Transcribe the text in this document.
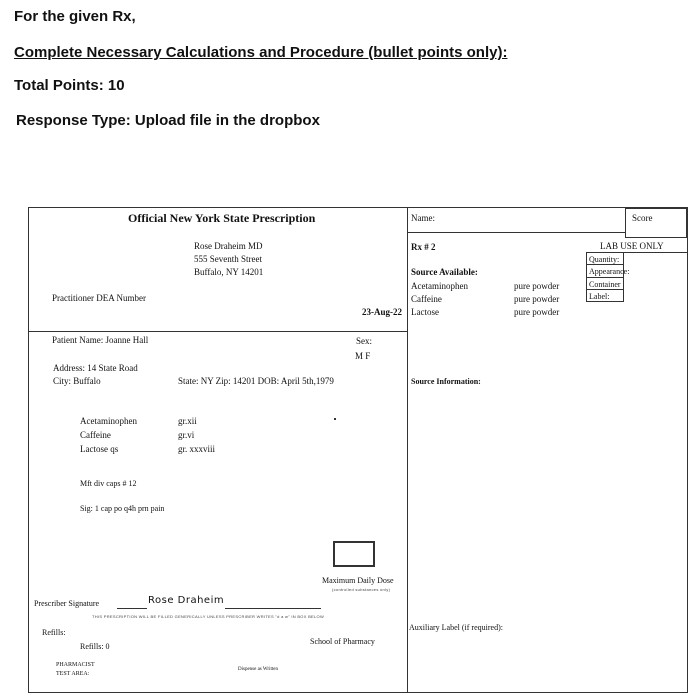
For the given Rx,
Complete Necessary Calculations and Procedure (bullet points only):
Total Points: 10
Response Type: Upload file in the dropbox
Official New York State Prescription
Rose Draheim MD
555 Seventh Street
Buffalo, NY 14201
Practitioner DEA Number
23-Aug-22
Patient Name: Joanne Hall	Sex:
M F
Address: 14 State Road
City: Buffalo	State: NY Zip: 14201 DOB: April 5th,1979
Acetaminophen	gr.xii
Caffeine	gr.vi
Lactose qs	gr. xxxviii
Mft div caps # 12
Sig: 1 cap po q4h prn pain
Maximum Daily Dose
(controlled substances only)
Prescriber Signature	Rose Draheim
THIS PRESCRIPTION WILL BE FILLED GENERICALLY UNLESS PRESCRIBER WRITES "d a w" IN BOX BELOW
Refills:
Refills: 0
School of Pharmacy
PHARMACIST
TEST AREA:
Dispense as Written
Name:	Score
Rx # 2	LAB USE ONLY
Quantity:
Appearance:
Container
Label:
Source Available:
Acetaminophen	pure powder
Caffeine	pure powder
Lactose	pure powder
Source Information:
Auxiliary Label (if required):
